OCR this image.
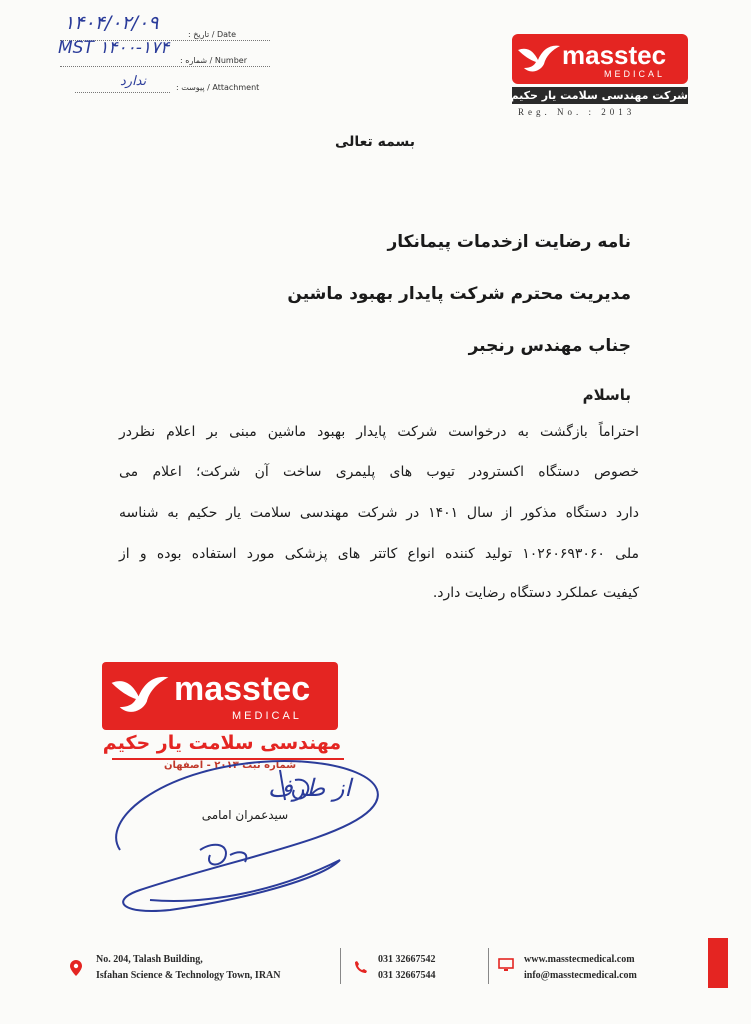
: تاریخ / Date
۱۴۰۴/۰۲/۰۹
: شماره / Number
MST ۱۴۰۰-۱۷۴
: پیوست / Attachment
ندارد
masstec
MEDICAL
شرکت مهندسی سلامت یار حکیم
Reg. No. : 2013
بسمه تعالی
نامه رضایت ازخدمات پیمانکار
مدیریت محترم شرکت پایدار بهبود ماشین
جناب مهندس رنجبر
باسلام
احتراماً بازگشت به درخواست شرکت پایدار بهبود ماشین مبنی بر اعلام نظردر
خصوص دستگاه اکسترودر تیوب های پلیمری ساخت آن شرکت؛ اعلام می
دارد دستگاه مذکور از سال ۱۴۰۱ در شرکت مهندسی سلامت یار حکیم به شناسه
ملی ۱۰۲۶۰۶۹۳۰۶۰ تولید کننده انواع کاتتر های پزشکی مورد استفاده بوده و از
کیفیت عملکرد دستگاه رضایت دارد.
masstec
MEDICAL
مهندسی سلامت یار حکیم
شماره ثبت ۲۰۱۳ - اصفهان
از طرف
سیدعمران امامی
No. 204, Talash Building,
Isfahan Science & Technology Town, IRAN
031 32667542
031 32667544
www.masstecmedical.com
info@masstecmedical.com
